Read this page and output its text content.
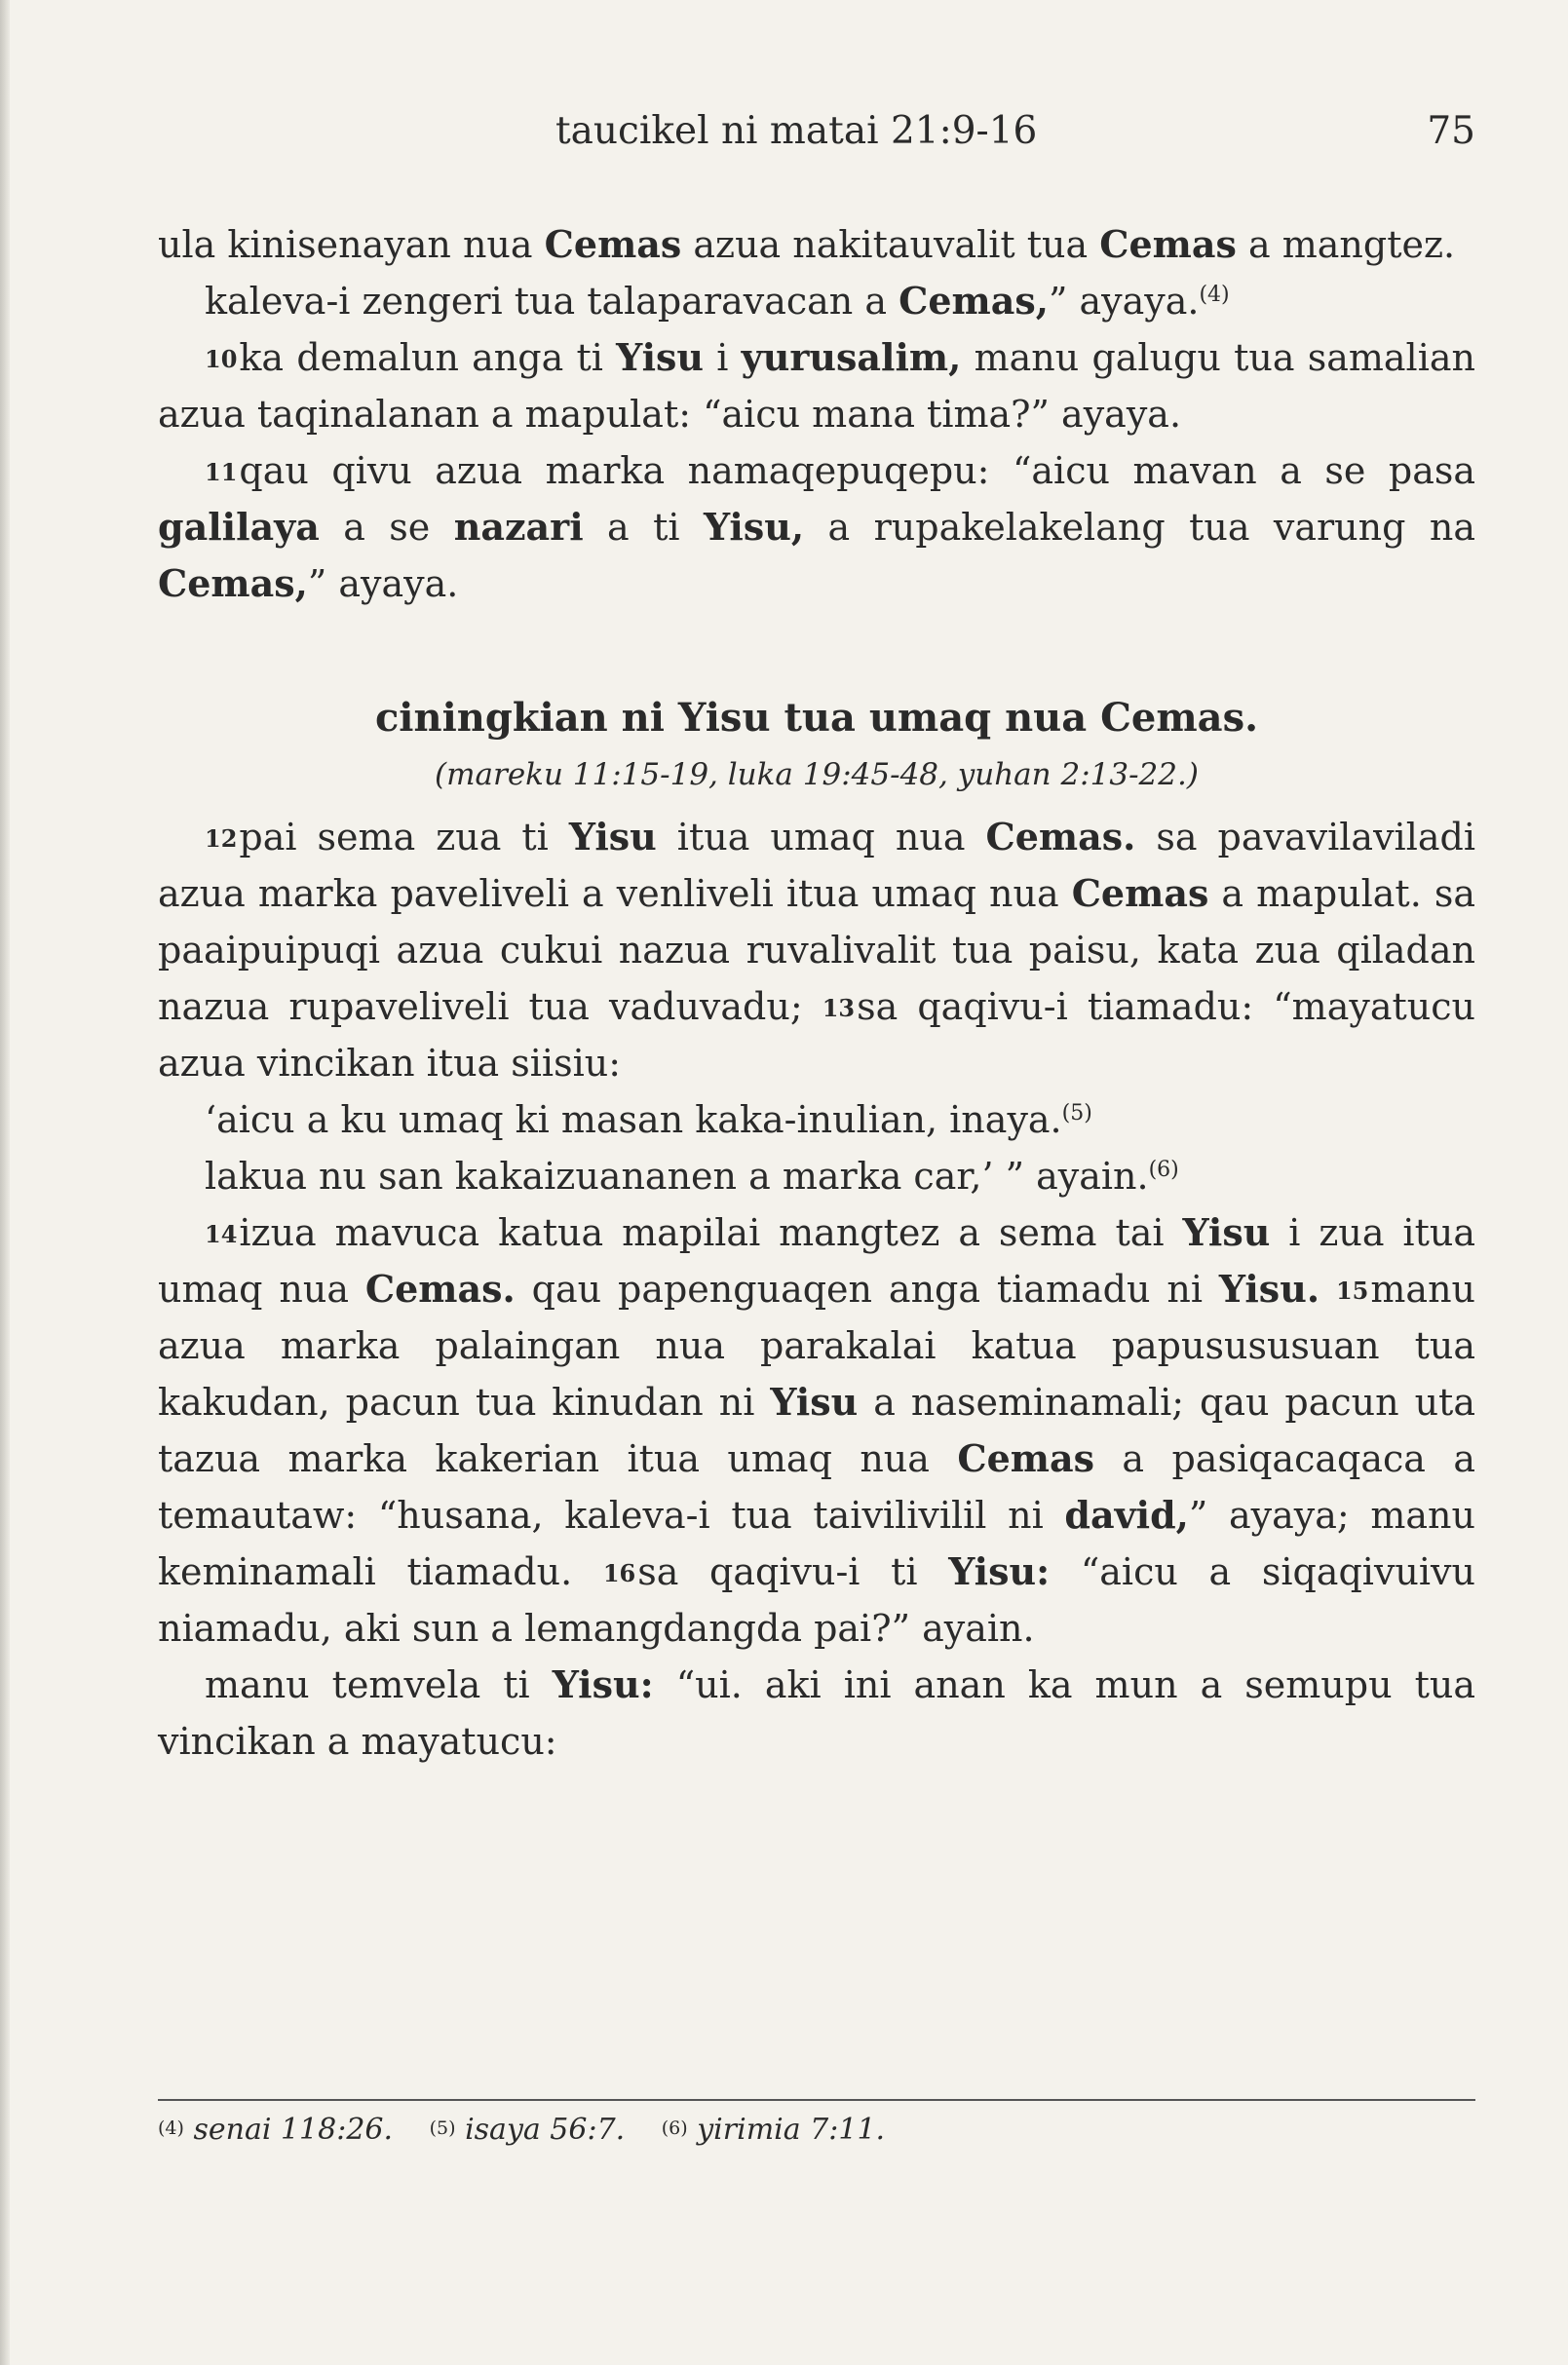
taucikel ni matai 21:9-16	75

ula kinisenayan nua Cemas azua nakitauvalit tua Cemas a mangtez.

kaleva-i zengeri tua talaparavacan a Cemas,” ayaya.$^{(4)}$

$^{10}$ka demalun anga ti Yisu i yurusalim, manu galugu tua samalian azua taqinalanan a mapulat: “aicu mana tima?” ayaya.

$^{11}$qau qivu azua marka namaqepuqepu: “aicu mavan a se pasa galilaya a se nazari a ti Yisu, a rupakelakelang tua varung na Cemas,” ayaya.

ciningkian ni Yisu tua umaq nua Cemas.
(mareku 11:15-19, luka 19:45-48, yuhan 2:13-22.)

$^{12}$pai sema zua ti Yisu itua umaq nua Cemas. sa pavavilaviladi azua marka paveliveli a venliveli itua umaq nua Cemas a mapulat. sa paaipuipuqi azua cukui nazua ruvalivalit tua paisu, kata zua qiladan nazua rupaveliveli tua vaduvadu; $^{13}$sa qaqivu-i tiamadu: “mayatucu azua vincikan itua siisiu:

‘aicu a ku umaq ki masan kaka-inulian, inaya.$^{(5)}$

lakua nu san kakaizuananen a marka car,’ ” ayain.$^{(6)}$

$^{14}$izua mavuca katua mapilai mangtez a sema tai Yisu i zua itua umaq nua Cemas. qau papenguaqen anga tiamadu ni Yisu. $^{15}$manu azua marka palaingan nua parakalai katua papusususuan tua kakudan, pacun tua kinudan ni Yisu a naseminamali; qau pacun uta tazua marka kakerian itua umaq nua Cemas a pasiqacaqaca a temautaw: “husana, kaleva-i tua taivilivilil ni david,” ayaya; manu keminamali tiamadu. $^{16}$sa qaqivu-i ti Yisu: “aicu a siqaqivuivu niamadu, aki sun a lemangdangda pai?” ayain.

manu temvela ti Yisu: “ui. aki ini anan ka mun a semupu tua vincikan a mayatucu:

$^{(4)}$ senai 118:26. $^{(5)}$ isaya 56:7. $^{(6)}$ yirimia 7:11.
